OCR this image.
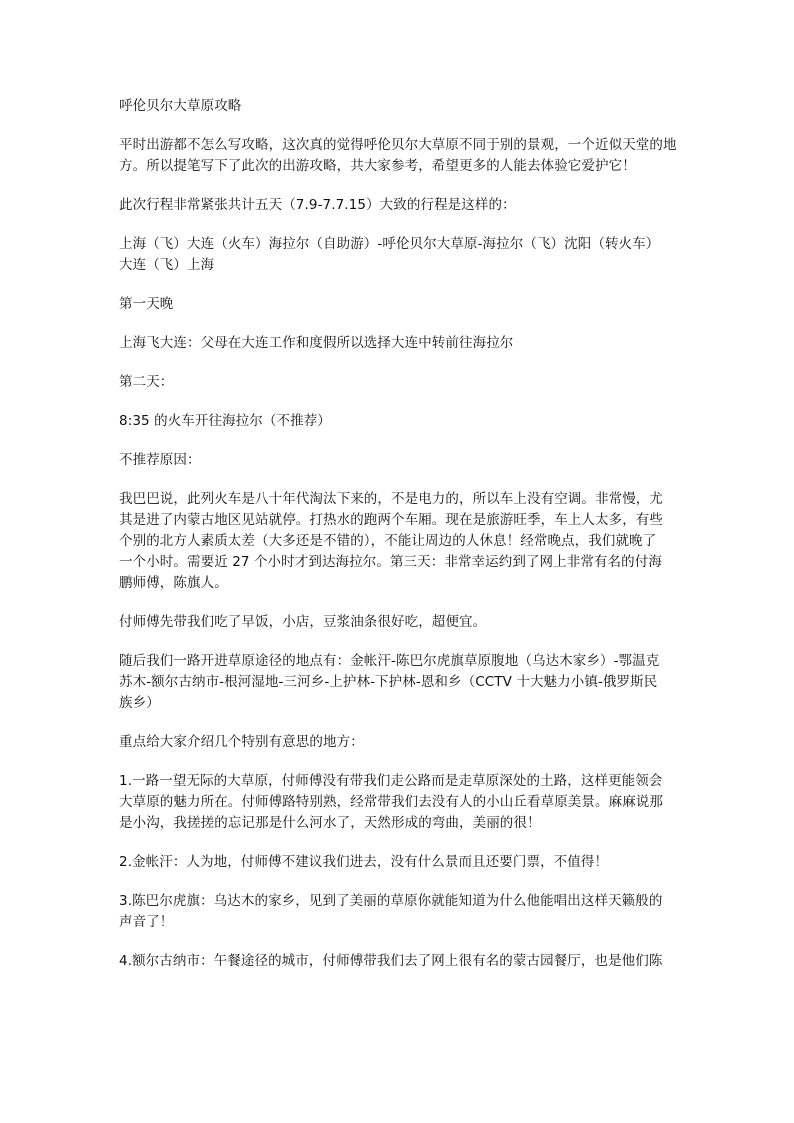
呼伦贝尔大草原攻略

平时出游都不怎么写攻略，这次真的觉得呼伦贝尔大草原不同于别的景观，一个近似天堂的地方。所以提笔写下了此次的出游攻略，共大家参考，希望更多的人能去体验它爱护它！

此次行程非常紧张共计五天（7.9-7.7.15）大致的行程是这样的：

上海（飞）大连（火车）海拉尔（自助游）-呼伦贝尔大草原-海拉尔（飞）沈阳（转火车）
大连（飞）上海

第一天晚

上海飞大连：父母在大连工作和度假所以选择大连中转前往海拉尔

第二天：

8:35 的火车开往海拉尔（不推荐）

不推荐原因：

我巴巴说，此列火车是八十年代淘汰下来的，不是电力的，所以车上没有空调。非常慢，尤
其是进了内蒙古地区见站就停。打热水的跑两个车厢。现在是旅游旺季，车上人太多，有些
个别的北方人素质太差（大多还是不错的），不能让周边的人休息！经常晚点，我们就晚了
一个小时。需要近 27 个小时才到达海拉尔。第三天：非常幸运约到了网上非常有名的付海
鹏师傅，陈旗人。

付师傅先带我们吃了早饭，小店，豆浆油条很好吃，超便宜。

随后我们一路开进草原途径的地点有：金帐汗-陈巴尔虎旗草原腹地（乌达木家乡）-鄂温克
苏木-额尔古纳市-根河湿地-三河乡-上护林-下护林-恩和乡（CCTV 十大魅力小镇-俄罗斯民
族乡）

重点给大家介绍几个特别有意思的地方：

1.一路一望无际的大草原，付师傅没有带我们走公路而是走草原深处的土路，这样更能领会
大草原的魅力所在。付师傅路特别熟，经常带我们去没有人的小山丘看草原美景。麻麻说那
是小沟，我搓搓的忘记那是什么河水了，天然形成的弯曲，美丽的很！

2.金帐汗：人为地，付师傅不建议我们进去，没有什么景而且还要门票，不值得！

3.陈巴尔虎旗：乌达木的家乡，见到了美丽的草原你就能知道为什么他能唱出这样天籁般的
声音了！

4.额尔古纳市：午餐途径的城市，付师傅带我们去了网上很有名的蒙古园餐厅，也是他们陈
